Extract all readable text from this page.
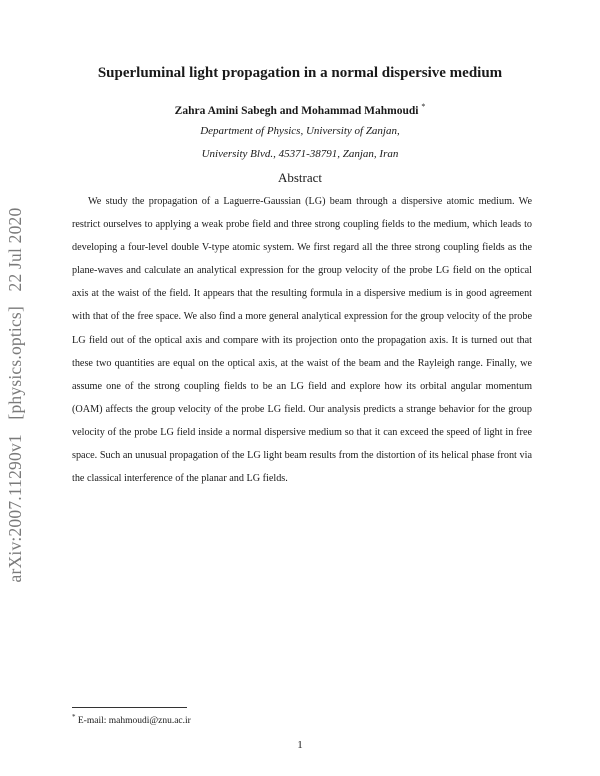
arXiv:2007.11290v1 [physics.optics] 22 Jul 2020
Superluminal light propagation in a normal dispersive medium
Zahra Amini Sabegh and Mohammad Mahmoudi *
Department of Physics, University of Zanjan,
University Blvd., 45371-38791, Zanjan, Iran
Abstract

We study the propagation of a Laguerre-Gaussian (LG) beam through a dispersive atomic medium. We restrict ourselves to applying a weak probe field and three strong coupling fields to the medium, which leads to developing a four-level double V-type atomic system. We first regard all the three strong coupling fields as the plane-waves and calculate an analytical expression for the group velocity of the probe LG field on the optical axis at the waist of the field. It appears that the resulting formula in a dispersive medium is in good agreement with that of the free space. We also find a more general analytical expression for the group velocity of the probe LG field out of the optical axis and compare with its projection onto the propagation axis. It is turned out that these two quantities are equal on the optical axis, at the waist of the beam and the Rayleigh range. Finally, we assume one of the strong coupling fields to be an LG field and explore how its orbital angular momentum (OAM) affects the group velocity of the probe LG field. Our analysis predicts a strange behavior for the group velocity of the probe LG field inside a normal dispersive medium so that it can exceed the speed of light in free space. Such an unusual propagation of the LG light beam results from the distortion of its helical phase front via the classical interference of the planar and LG fields.

* E-mail: mahmoudi@znu.ac.ir
1
